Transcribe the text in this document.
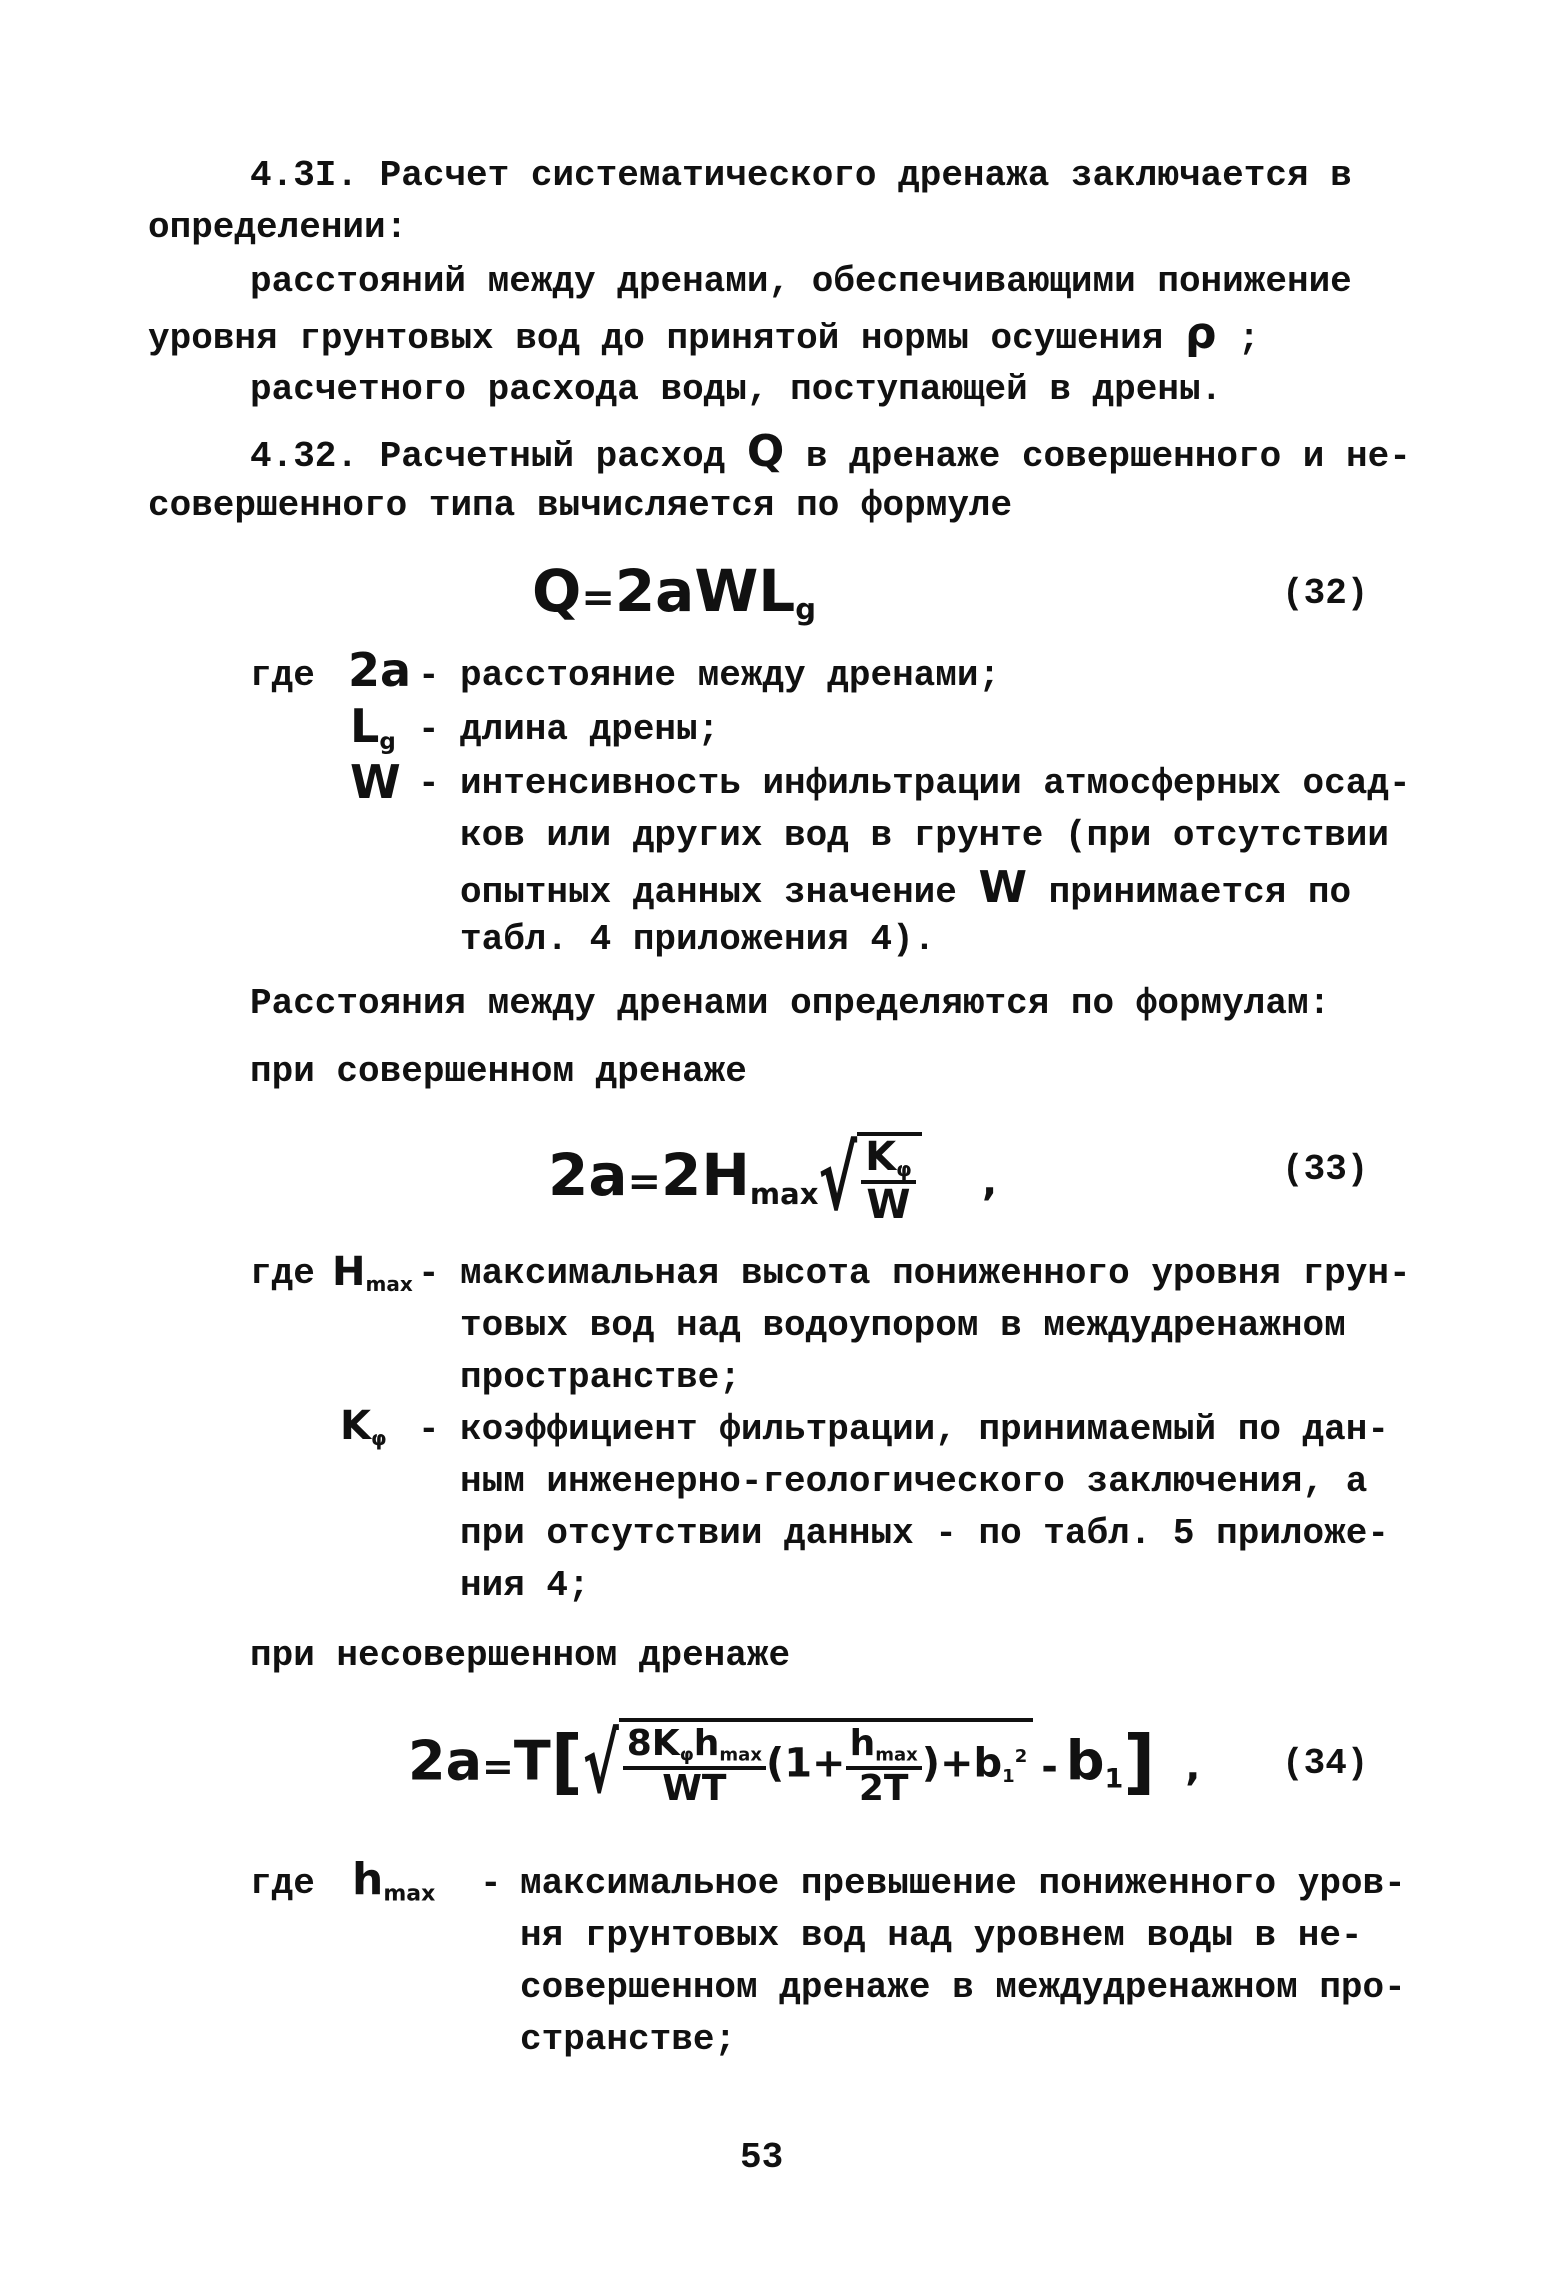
4.3I. Расчет систематического дренажа заключается в
определении:
расстояний между дренами, обеспечивающими понижение
уровня грунтовых вод до принятой нормы осушения ρ ;
расчетного расхода воды, поступающей в дрены.
4.32. Расчетный расход Q в дренаже совершенного и не-
совершенного типа вычисляется по формуле
Q=2aWL$_g$	(32)
где 2a - расстояние между дренами;
$L_g$ - длина дрены;
W - интенсивность инфильтрации атмосферных осад-
ков или других вод в грунте (при отсутствии
опытных данных значение W принимается по
табл. 4 приложения 4).
Расстояния между дренами определяются по формулам:
при совершенном дренаже
$2a=2H_{max}√ \frac{K_\varphi}{W}$ ,	(33)
где $H_{max}$ - максимальная высота пониженного уровня грун-
товых вод над водоупором в междудренажном
пространстве;
$K_\varphi$ - коэффициент фильтрации, принимаемый по дан-
ным инженерно-геологического заключения, а
при отсутствии данных - по табл. 5 приложе-
ния 4;
при несовершенном дренаже
$2a=T[√ \frac{8K_\varphi h_{max}}{WT} (1+ \frac{h_{max}}{2T} )+b_1^2 - b_1]$ , (34)
где $h_{max}$ - максимальное превышение пониженного уров-
ня грунтовых вод над уровнем воды в не-
совершенном дренаже в междудренажном про-
странстве;
53
